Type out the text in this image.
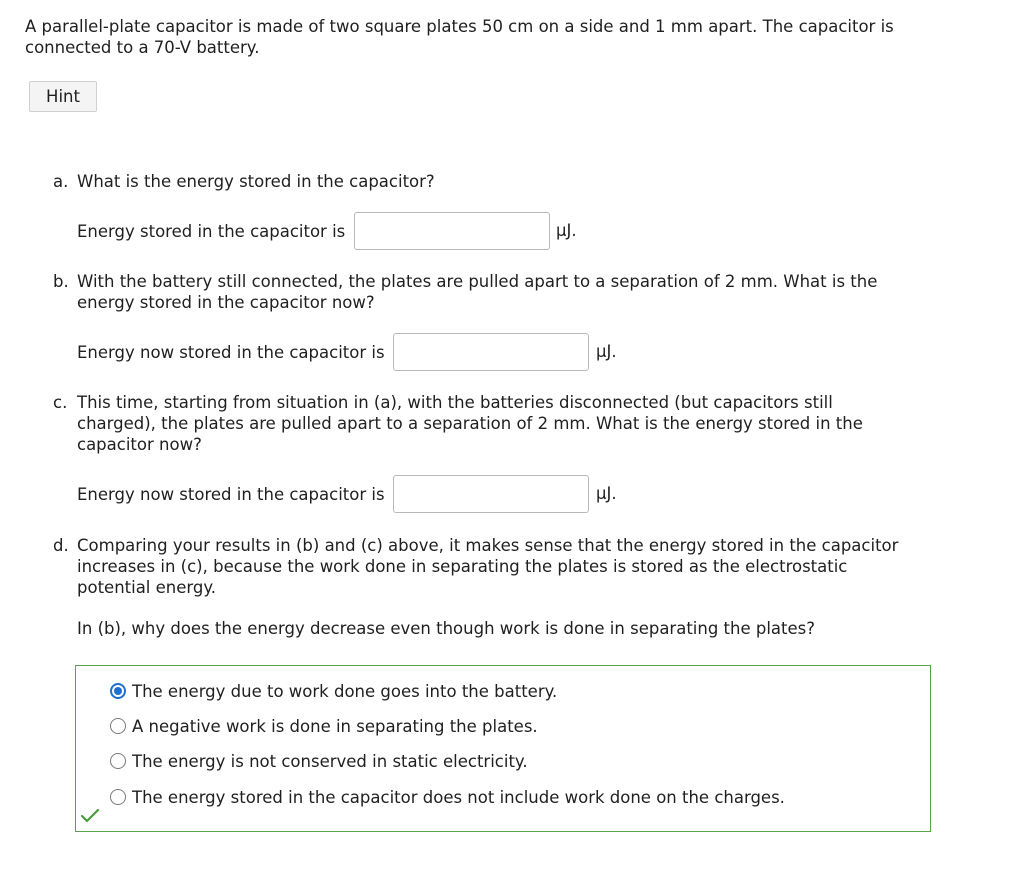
A parallel-plate capacitor is made of two square plates 50 cm on a side and 1 mm apart. The capacitor is connected to a 70-V battery.
Hint
a. What is the energy stored in the capacitor?
Energy stored in the capacitor is	μJ.
b. With the battery still connected, the plates are pulled apart to a separation of 2 mm. What is the energy stored in the capacitor now?
Energy now stored in the capacitor is	μJ.
c. This time, starting from situation in (a), with the batteries disconnected (but capacitors still charged), the plates are pulled apart to a separation of 2 mm. What is the energy stored in the capacitor now?
Energy now stored in the capacitor is	μJ.
d. Comparing your results in (b) and (c) above, it makes sense that the energy stored in the capacitor increases in (c), because the work done in separating the plates is stored as the electrostatic potential energy.
In (b), why does the energy decrease even though work is done in separating the plates?
The energy due to work done goes into the battery.
A negative work is done in separating the plates.
The energy is not conserved in static electricity.
The energy stored in the capacitor does not include work done on the charges.
